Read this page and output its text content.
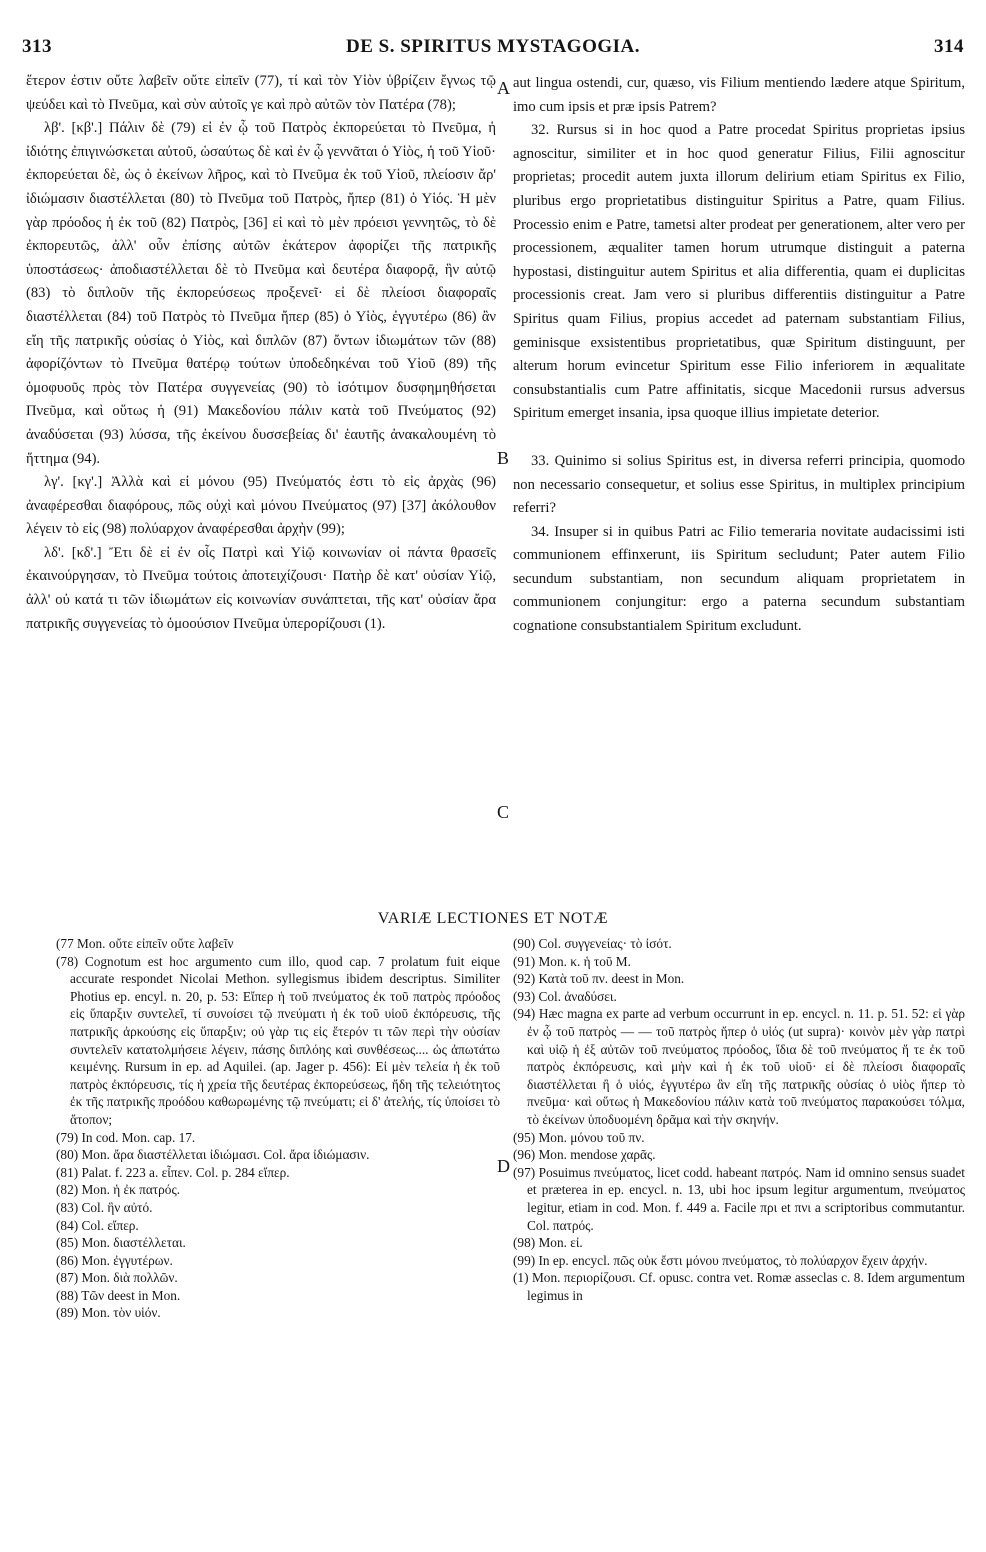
313	DE S. SPIRITUS MYSTAGOGIA.	314
A
B
C
D

ἕτερον ἐστιν οὔτε λαβεῖν οὔτε εἰπεῖν (77), τί καὶ τὸν Υἱὸν ὑβρίζειν ἔγνως τῷ ψεύδει καὶ τὸ Πνεῦμα, καὶ σὺν αὐτοῖς γε καὶ πρὸ αὐτῶν τὸν Πατέρα (78);

λβ'. [κβ'.] Πάλιν δὲ (79) εἰ ἐν ᾧ τοῦ Πατρὸς ἐκπορεύεται τὸ Πνεῦμα, ἡ ἰδιότης ἐπιγινώσκεται αὐτοῦ, ὡσαύτως δὲ καὶ ἐν ᾧ γεννᾶται ὁ Υἱὸς, ἡ τοῦ Υἱοῦ· ἐκπορεύεται δὲ, ὡς ὁ ἐκείνων λῆρος, καὶ τὸ Πνεῦμα ἐκ τοῦ Υἱοῦ, πλείοσιν ἄρ' ἰδιώμασιν διαστέλλεται (80) τὸ Πνεῦμα τοῦ Πατρὸς, ἤπερ (81) ὁ Υἱός. Ἡ μὲν γὰρ πρόοδος ἡ ἐκ τοῦ (82) Πατρὸς, [36] εἰ καὶ τὸ μὲν πρόεισι γεννητῶς, τὸ δὲ ἐκπορευτῶς, ἀλλ' οὖν ἐπίσης αὐτῶν ἑκάτερον ἀφορίζει τῆς πατρικῆς ὑποστάσεως· ἀποδιαστέλλεται δὲ τὸ Πνεῦμα καὶ δευτέρα διαφορᾷ, ἣν αὐτῷ (83) τὸ διπλοῦν τῆς ἐκπορεύσεως προξενεῖ· εἰ δὲ πλείοσι διαφοραῖς διαστέλλεται (84) τοῦ Πατρὸς τὸ Πνεῦμα ἤπερ (85) ὁ Υἱὸς, ἐγγυτέρω (86) ἂν εἴη τῆς πατρικῆς οὐσίας ὁ Υἱὸς, καὶ διπλῶν (87) ὄντων ἰδιωμάτων τῶν (88) ἀφορίζόντων τὸ Πνεῦμα θατέρῳ τούτων ὑποδεδηκέναι τοῦ Υἱοῦ (89) τῆς ὁμοφυοῦς πρὸς τὸν Πατέρα συγγενείας (90) τὸ ἰσότιμον δυσφημηθήσεται Πνεῦμα, καὶ οὕτως ἡ (91) Μακεδονίου πάλιν κατὰ τοῦ Πνεύματος (92) ἀναδύσεται (93) λύσσα, τῆς ἐκείνου δυσσεβείας δι' ἑαυτῆς ἀνακαλουμένη τὸ ἥττημα (94).

λγ'. [κγ'.] Ἀλλὰ καὶ εἰ μόνου (95) Πνεύματός ἐστι τὸ εἰς ἀρχὰς (96) ἀναφέρεσθαι διαφόρους, πῶς οὐχὶ καὶ μόνου Πνεύματος (97) [37] ἀκόλουθον λέγειν τὸ εἰς (98) πολύαρχον ἀναφέρεσθαι ἀρχὴν (99);

λδ'. [κδ'.] Ἔτι δὲ εἰ ἐν οἷς Πατρὶ καὶ Υἱῷ κοινωνίαν οἱ πάντα θρασεῖς ἐκαινούργησαν, τὸ Πνεῦμα τούτοις ἀποτειχίζουσι· Πατὴρ δὲ κατ' οὐσίαν Υἱῷ, ἀλλ' οὐ κατά τι τῶν ἰδιωμάτων εἰς κοινωνίαν συνάπτεται, τῆς κατ' οὐσίαν ἄρα πατρικῆς συγγενείας τὸ ὁμοούσιον Πνεῦμα ὑπερορίζουσι (1).

aut lingua ostendi, cur, quæso, vis Filium mentiendo lædere atque Spiritum, imo cum ipsis et præ ipsis Patrem?

32. Rursus si in hoc quod a Patre procedat Spiritus proprietas ipsius agnoscitur, similiter et in hoc quod generatur Filius, Filii agnoscitur proprietas; procedit autem juxta illorum delirium etiam Spiritus ex Filio, pluribus ergo proprietatibus distinguitur Spiritus a Patre, quam Filius. Processio enim e Patre, tametsi alter prodeat per generationem, alter vero per processionem, æqualiter tamen horum utrumque distinguit a paterna hypostasi, distinguitur autem Spiritus et alia differentia, quam ei duplicitas processionis creat. Jam vero si pluribus differentiis distinguitur a Patre Spiritus quam Filius, propius accedet ad paternam substantiam Filius, geminisque exsistentibus proprietatibus, quæ Spiritum distinguunt, per alterum horum evincetur Spiritum esse Filio inferiorem in æqualitate consubstantialis cum Patre affinitatis, sicque Macedonii rursus adversus Spiritum emerget insania, ipsa quoque illius impietate deterior.

33. Quinimo si solius Spiritus est, in diversa referri principia, quomodo non necessario consequetur, et solius esse Spiritus, in multiplex principium referri?

34. Insuper si in quibus Patri ac Filio temeraria novitate audacissimi isti communionem effinxerunt, iis Spiritum secludunt; Pater autem Filio secundum substantiam, non secundum aliquam proprietatem in communionem conjungitur: ergo a paterna secundum substantiam cognatione consubstantialem Spiritum excludunt.

VARIÆ LECTIONES ET NOTÆ

(77 Mon. οὔτε εἰπεῖν οὔτε λαβεῖν

(78) Cognotum est hoc argumento cum illo, quod cap. 7 prolatum fuit eique accurate respondet Nicolai Methon. syllegismus ibidem descriptus. Similiter Photius ep. encyl. n. 20, p. 53: Εἴπερ ἡ τοῦ πνεύματος ἐκ τοῦ πατρὸς πρόοδος εἰς ὕπαρξιν συντελεῖ, τί συνοίσει τῷ πνεύματι ἡ ἐκ τοῦ υἱοῦ ἐκπόρευσις, τῆς πατρικῆς ἀρκούσης εἰς ὕπαρξιν; οὐ γὰρ τις εἰς ἕτερόν τι τῶν περὶ τὴν οὐσίαν συντελεῖν κατατολμήσειε λέγειν, πάσης διπλόης καὶ συνθέσεως.... ὡς ἀπωτάτω κειμένης. Rursum in ep. ad Aquilei. (ap. Jager p. 456): Εἰ μὲν τελεία ἡ ἐκ τοῦ πατρὸς ἐκπόρευσις, τίς ἡ χρεία τῆς δευτέρας ἐκπορεύσεως, ἤδη τῆς τελειότητος ἐκ τῆς πατρικῆς προόδου καθωρωμένης τῷ πνεύματι; εἰ δ' ἀτελής, τίς ὑποίσει τὸ ἄτοπον;

(79) In cod. Mon. cap. 17.

(80) Mon. ἄρα διαστέλλεται ἰδιώμασι. Col. ἄρα ἰδιώμασιν.

(81) Palat. f. 223 a. εἶπεν. Col. p. 284 εἴπερ.

(82) Mon. ἡ ἐκ πατρός.

(83) Col. ἣν αὐτό.

(84) Col. εἴπερ.

(85) Mon. διαστέλλεται.

(86) Mon. ἐγγυτέρων.

(87) Mon. διὰ πολλῶν.

(88) Τῶν deest in Mon.

(89) Mon. τὸν υἱόν.

(90) Col. συγγενείας· τὸ ἰσότ.

(91) Mon. κ. ἡ τοῦ Μ.

(92) Κατὰ τοῦ πν. deest in Mon.

(93) Col. ἀναδύσει.

(94) Hæc magna ex parte ad verbum occurrunt in ep. encycl. n. 11. p. 51. 52: εἰ γὰρ ἐν ᾧ τοῦ πατρὸς — — τοῦ πατρὸς ἤπερ ὁ υἱός (ut supra)· κοινὸν μὲν γὰρ πατρὶ καὶ υἱῷ ἡ ἐξ αὐτῶν τοῦ πνεύματος πρόοδος, ἴδια δὲ τοῦ πνεύματος ἥ τε ἐκ τοῦ πατρὸς ἐκπόρευσις, καὶ μὴν καὶ ἡ ἐκ τοῦ υἱοῦ· εἰ δὲ πλείοσι διαφοραῖς διαστέλλεται ἢ ὁ υἱός, ἐγγυτέρω ἂν εἴη τῆς πατρικῆς οὐσίας ὁ υἱὸς ἤπερ τὸ πνεῦμα· καὶ οὕτως ἡ Μακεδονίου πάλιν κατὰ τοῦ πνεύματος παρακούσει τόλμα, τὸ ἐκείνων ὑποδυομένη δρᾶμα καὶ τὴν σκηνήν.

(95) Mon. μόνου τοῦ πν.

(96) Mon. mendose χαρᾶς.

(97) Posuimus πνεύματος, licet codd. habeant πατρός. Nam id omnino sensus suadet et præterea in ep. encycl. n. 13, ubi hoc ipsum legitur argumentum, πνεύματος legitur, etiam in cod. Mon. f. 449 a. Facile πρι et πνι a scriptoribus commutantur. Col. πατρός.

(98) Mon. εἰ.

(99) In ep. encycl. πῶς οὐκ ἔστι μόνου πνεύματος, τὸ πολύαρχον ἔχειν ἀρχήν.

(1) Mon. περιορίζουσι. Cf. opusc. contra vet. Romæ asseclas c. 8. Idem argumentum legimus in
